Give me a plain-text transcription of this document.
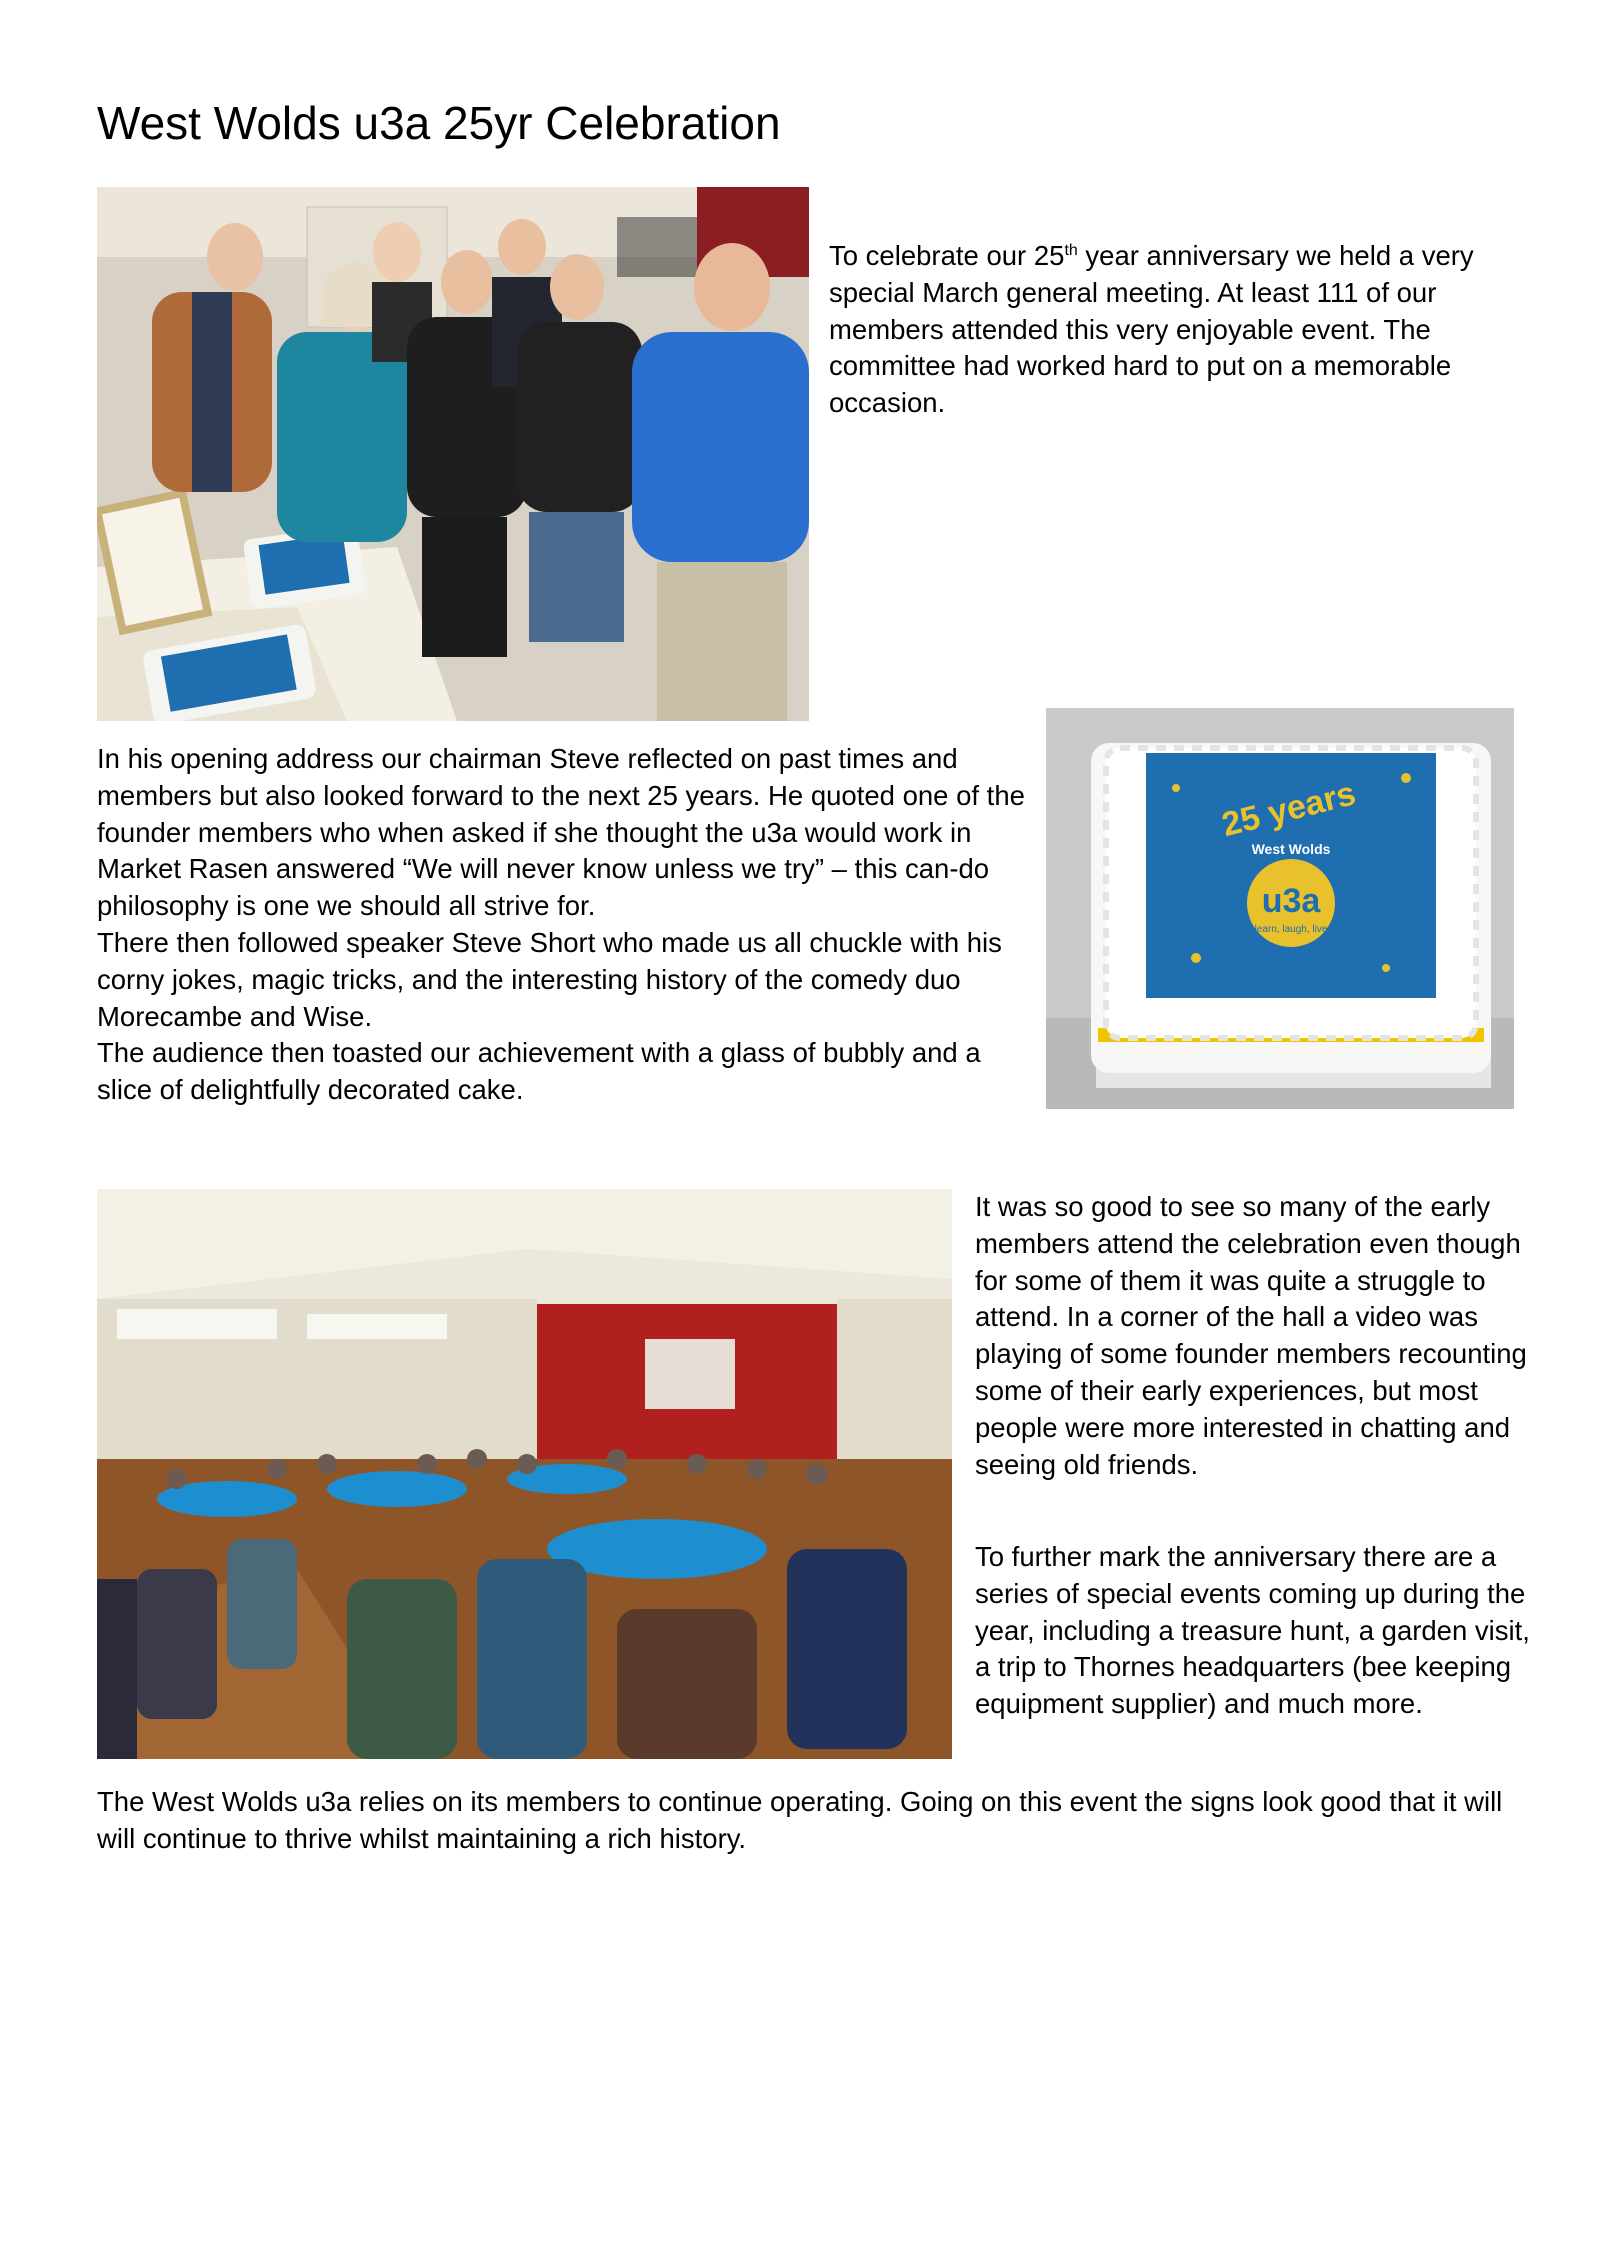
West Wolds u3a 25yr Celebration

To celebrate our 25th year anniversary we held a very special March general meeting. At least 111 of our members attended this very enjoyable event. The committee had worked hard to put on a memorable occasion.

In his opening address our chairman Steve reflected on past times and members but also looked forward to the next 25 years. He quoted one of the founder members who when asked if she thought the u3a would work in Market Rasen answered “We will never know unless we try” – this can-do philosophy is one we should all strive for.

There then followed speaker Steve Short who made us all chuckle with his corny jokes, magic tricks, and the interesting history of the comedy duo Morecambe and Wise.

The audience then toasted our achievement with a glass of bubbly and a slice of delightfully decorated cake.

25 years
West Wolds
u3a
learn, laugh, live

It was so good to see so many of the early members attend the celebration even though for some of them it was quite a struggle to attend. In a corner of the hall a video was playing of some founder members recounting some of their early experiences, but most people were more interested in chatting and seeing old friends.

To further mark the anniversary there are a series of special events coming up during the year, including a treasure hunt, a garden visit, a trip to Thornes headquarters (bee keeping equipment supplier) and much more.

The West Wolds u3a relies on its members to continue operating. Going on this event the signs look good that it will will continue to thrive whilst maintaining a rich history.
